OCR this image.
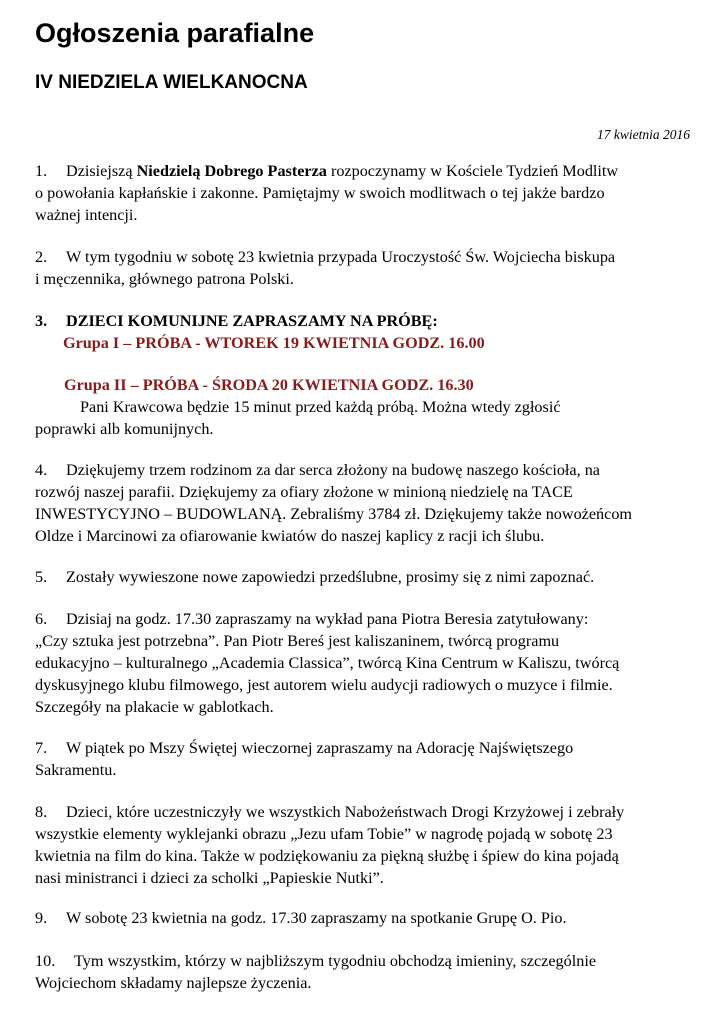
Ogłoszenia parafialne
IV NIEDZIELA WIELKANOCNA
17 kwietnia 2016
1. Dzisiejszą Niedzielą Dobrego Pasterza rozpoczynamy w Kościele Tydzień Modlitw
o powołania kapłańskie i zakonne. Pamiętajmy w swoich modlitwach o tej jakże bardzo
ważnej intencji.
2. W tym tygodniu w sobotę 23 kwietnia przypada Uroczystość Św. Wojciecha biskupa
i męczennika, głównego patrona Polski.
3. DZIECI KOMUNIJNE ZAPRASZAMY NA PRÓBĘ:
Grupa I – PRÓBA - WTOREK 19 KWIETNIA GODZ. 16.00
Grupa II – PRÓBA - ŚRODA 20 KWIETNIA GODZ. 16.30
Pani Krawcowa będzie 15 minut przed każdą próbą. Można wtedy zgłosić
poprawki alb komunijnych.
4. Dziękujemy trzem rodzinom za dar serca złożony na budowę naszego kościoła, na
rozwój naszej parafii. Dziękujemy za ofiary złożone w minioną niedzielę na TACE
INWESTYCYJNO – BUDOWLANĄ. Zebraliśmy 3784 zł. Dziękujemy także nowożeńcom
Oldze i Marcinowi za ofiarowanie kwiatów do naszej kaplicy z racji ich ślubu.
5. Zostały wywieszone nowe zapowiedzi przedślubne, prosimy się z nimi zapoznać.
6. Dzisiaj na godz. 17.30 zapraszamy na wykład pana Piotra Beresia zatytułowany:
„Czy sztuka jest potrzebna”. Pan Piotr Bereś jest kaliszaninem, twórcą programu
edukacyjno – kulturalnego „Academia Classica”, twórcą Kina Centrum w Kaliszu, twórcą
dyskusyjnego klubu filmowego, jest autorem wielu audycji radiowych o muzyce i filmie.
Szczegóły na plakacie w gablotkach.
7. W piątek po Mszy Świętej wieczornej zapraszamy na Adorację Najświętszego
Sakramentu.
8. Dzieci, które uczestniczyły we wszystkich Nabożeństwach Drogi Krzyżowej i zebrały
wszystkie elementy wyklejanki obrazu „Jezu ufam Tobie” w nagrodę pojadą w sobotę 23
kwietnia na film do kina. Także w podziękowaniu za piękną służbę i śpiew do kina pojadą
nasi ministranci i dzieci za scholki „Papieskie Nutki”.
9. W sobotę 23 kwietnia na godz. 17.30 zapraszamy na spotkanie Grupę O. Pio.
10. Tym wszystkim, którzy w najbliższym tygodniu obchodzą imieniny, szczególnie
Wojciechom składamy najlepsze życzenia.
